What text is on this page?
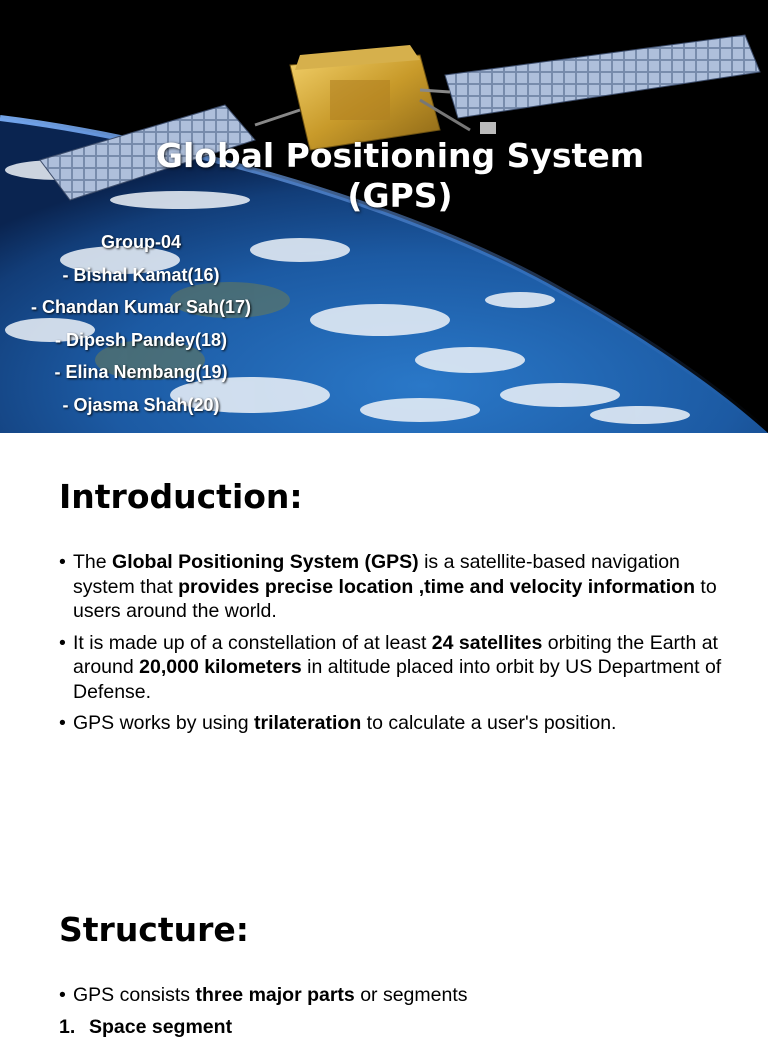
Global Positioning System
(GPS)
Group-04
- Bishal Kamat(16)
- Chandan Kumar Sah(17)
- Dipesh Pandey(18)
- Elina Nembang(19)
- Ojasma Shah(20)
Introduction:
• The Global Positioning System (GPS) is a satellite-based navigation system that provides precise location ,time and velocity information to users around the world.
• It is made up of a constellation of at least 24 satellites orbiting the Earth at around 20,000 kilometers in altitude placed into orbit by US Department of Defense.
• GPS works by using trilateration to calculate a user's position.
Structure:
• GPS consists three major parts or segments
1. Space segment
